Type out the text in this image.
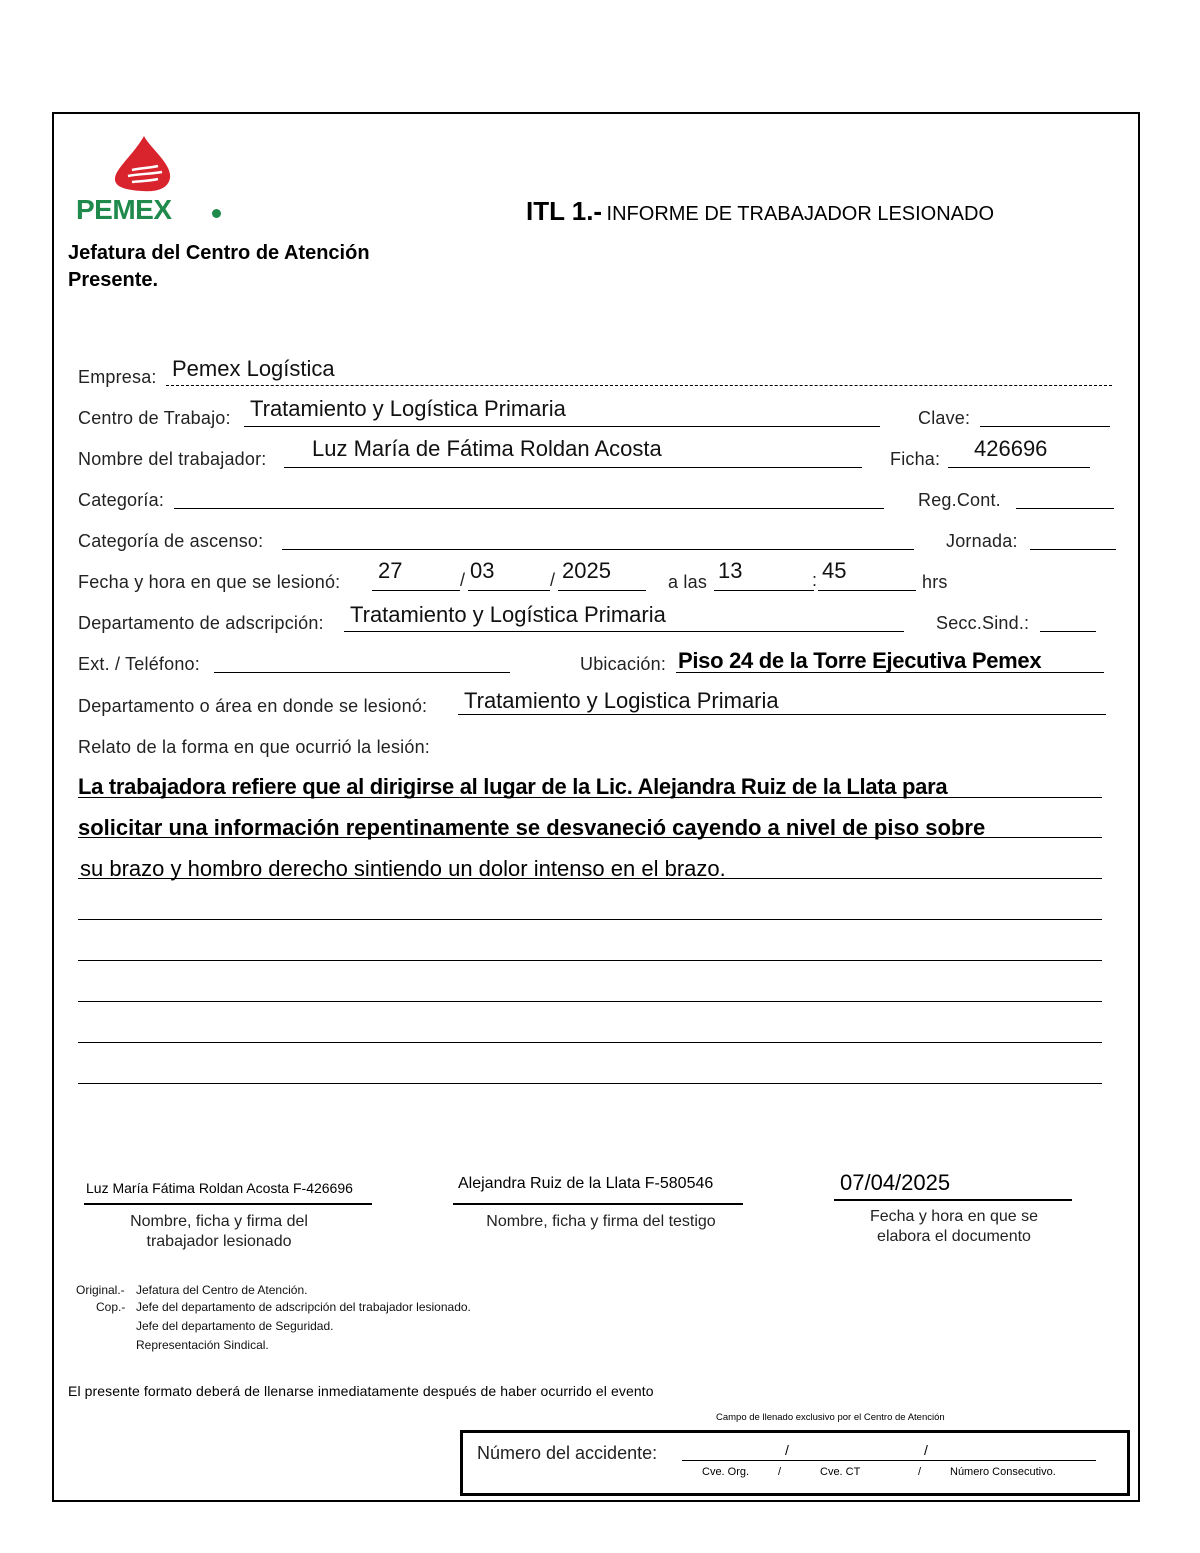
PEMEX	ITL 1.- INFORME DE TRABAJADOR LESIONADO
Jefatura del Centro de Atención
Presente.
Empresa: Pemex Logística
Centro de Trabajo: Tratamiento y Logística Primaria	Clave:
Nombre del trabajador: Luz María de Fátima Roldan Acosta	Ficha: 426696
Categoría:	Reg.Cont.
Categoría de ascenso:	Jornada:
Fecha y hora en que se lesionó: 27	/ 03	/ 2025	a las 13	: 45	hrs
Departamento de adscripción: Tratamiento y Logística Primaria	Secc.Sind.:
Ext. / Teléfono:	Ubicación: Piso 24 de la Torre Ejecutiva Pemex
Departamento o área en donde se lesionó: Tratamiento y Logistica Primaria
Relato de la forma en que ocurrió la lesión:
La trabajadora refiere que al dirigirse al lugar de la Lic. Alejandra Ruiz de la Llata para
solicitar una información repentinamente se desvaneció cayendo a nivel de piso sobre
su brazo y hombro derecho sintiendo un dolor intenso en el brazo.
Luz María Fátima Roldan Acosta F-426696
Nombre, ficha y firma del
trabajador lesionado
Alejandra Ruiz de la Llata F-580546
Nombre, ficha y firma del testigo
07/04/2025
Fecha y hora en que se
elabora el documento
Original.- Jefatura del Centro de Atención.
Cop.- Jefe del departamento de adscripción del trabajador lesionado.
Jefe del departamento de Seguridad.
Representación Sindical.
El presente formato deberá de llenarse inmediatamente después de haber ocurrido el evento
Campo de llenado exclusivo por el Centro de Atención
Número del accidente:	/	/
Cve. Org.	/	Cve. CT	/	Número Consecutivo.
